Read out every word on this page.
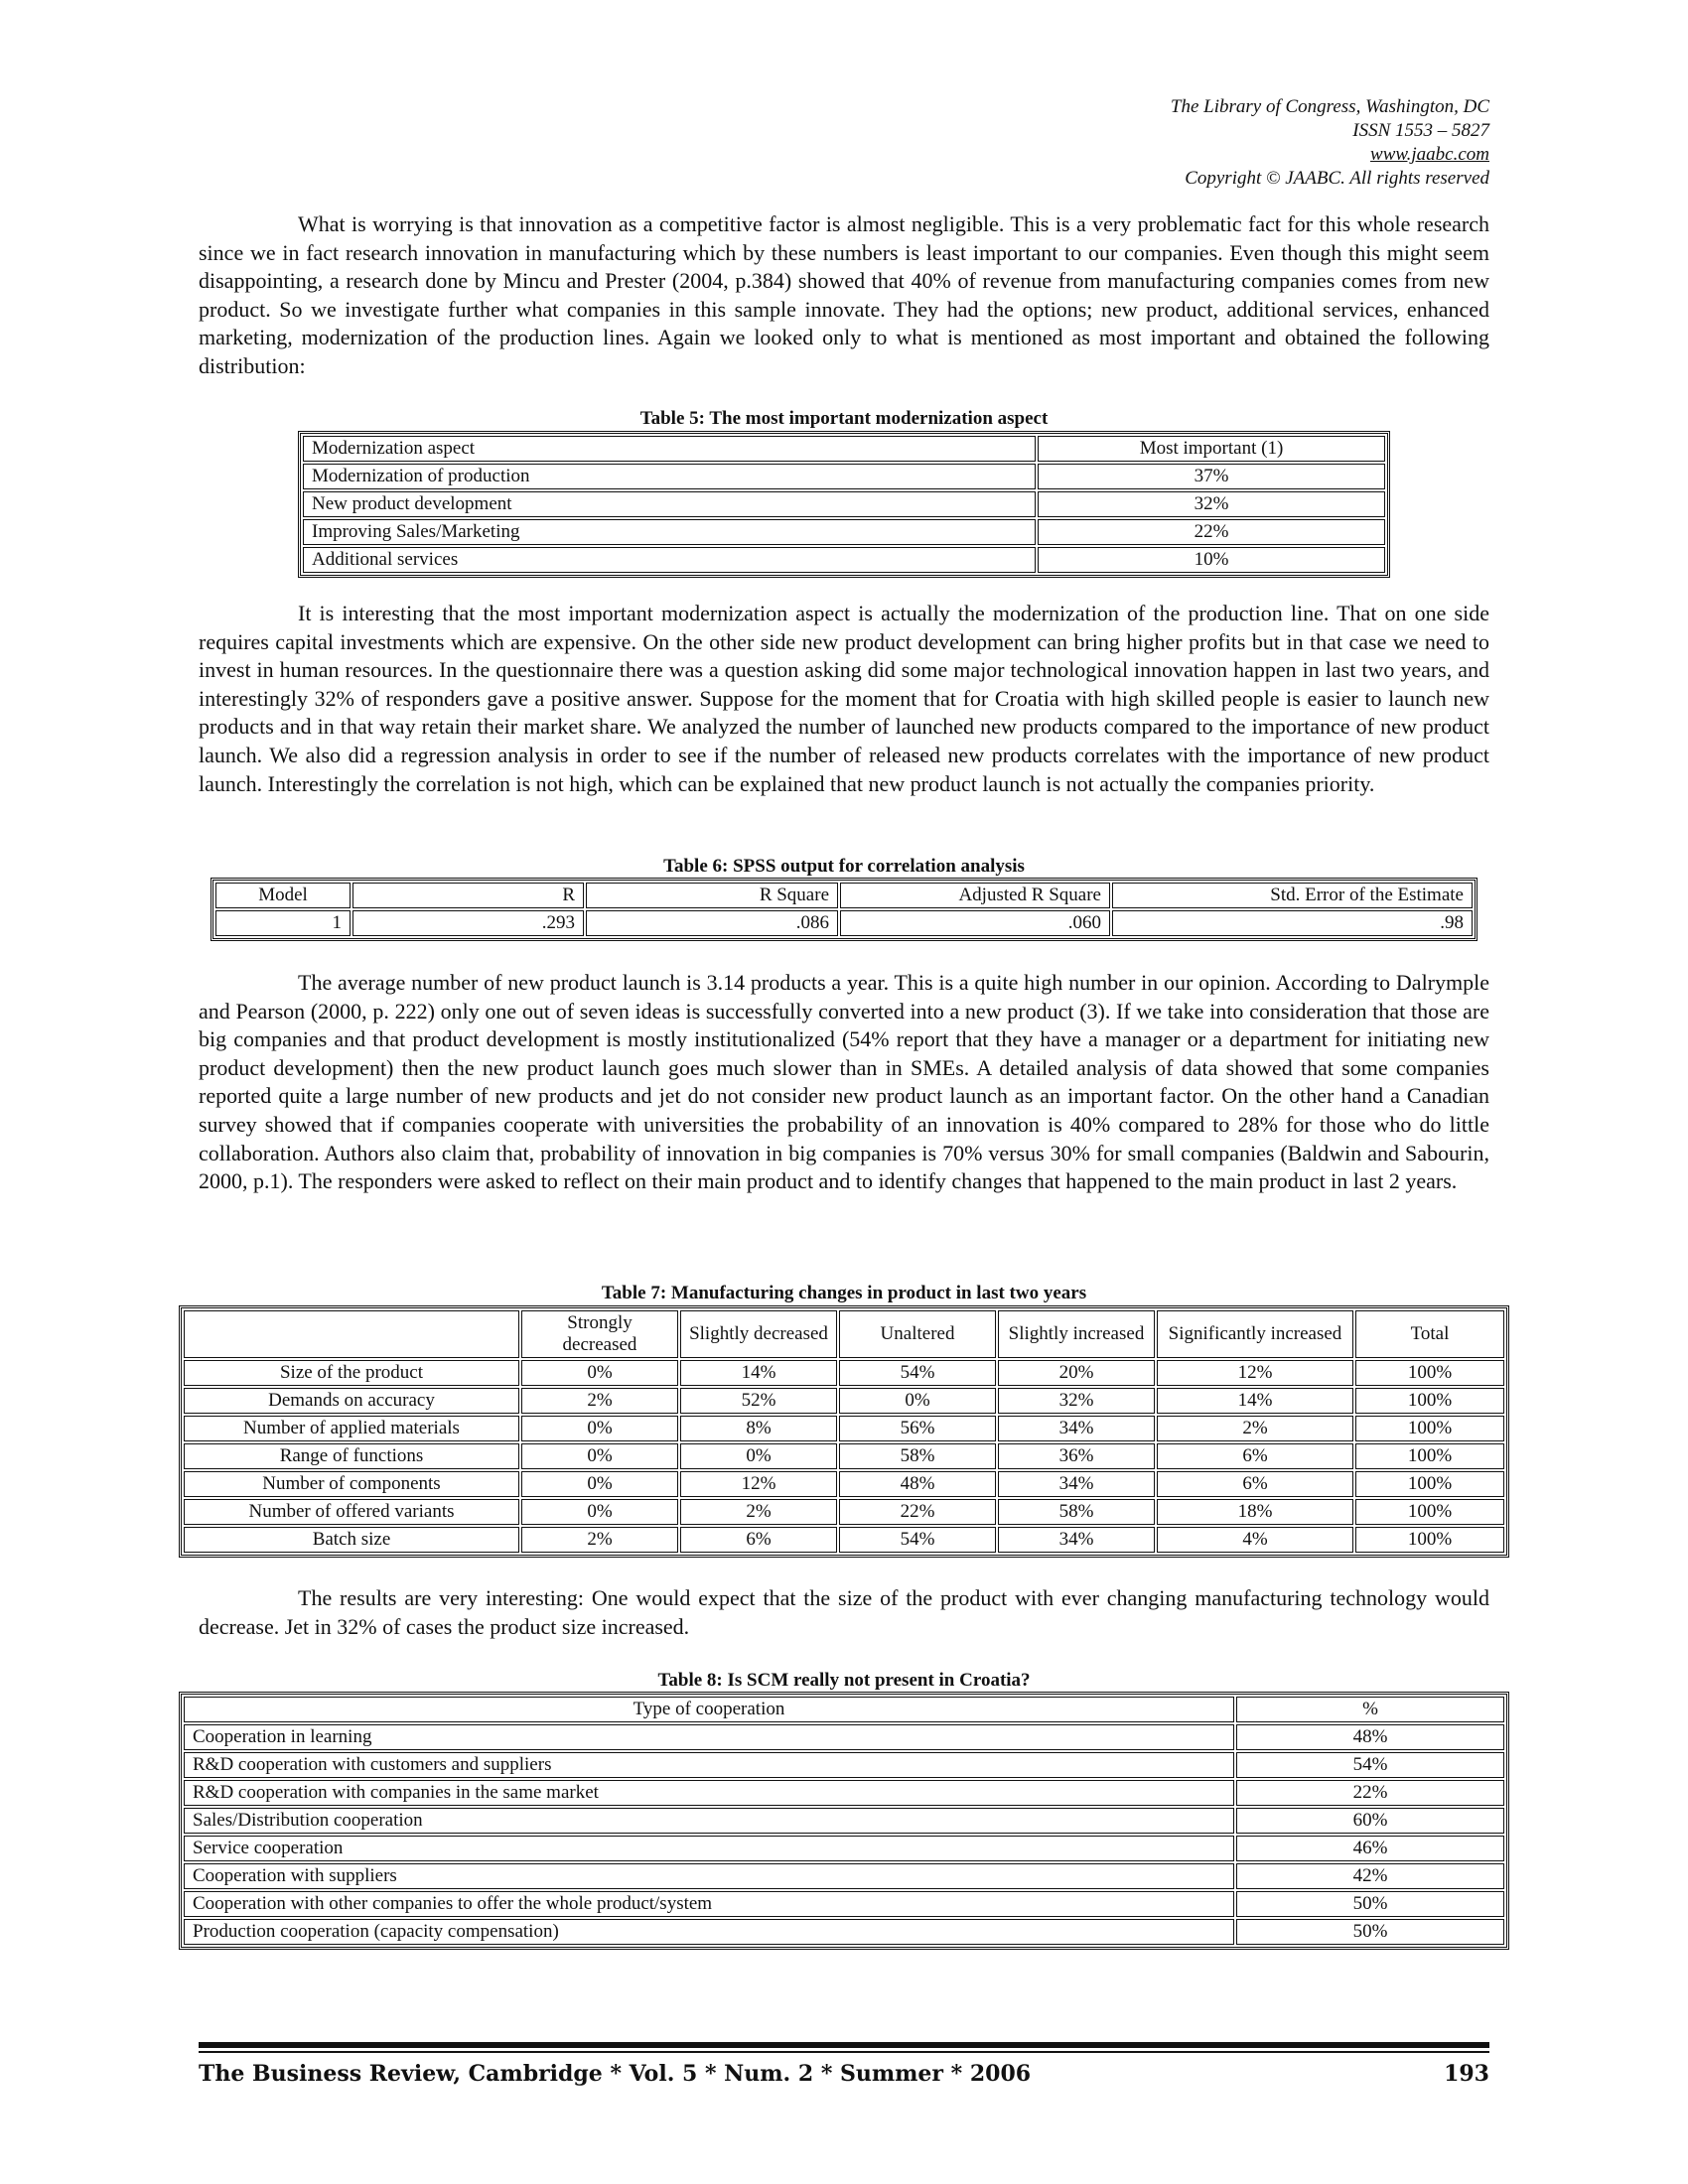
The Library of Congress, Washington, DC
ISSN 1553 – 5827
www.jaabc.com
Copyright © JAABC. All rights reserved

What is worrying is that innovation as a competitive factor is almost negligible. This is a very problematic fact for this whole research since we in fact research innovation in manufacturing which by these numbers is least important to our companies. Even though this might seem disappointing, a research done by Mincu and Prester (2004, p.384) showed that 40% of revenue from manufacturing companies comes from new product. So we investigate further what companies in this sample innovate. They had the options; new product, additional services, enhanced marketing, modernization of the production lines. Again we looked only to what is mentioned as most important and obtained the following distribution:

Table 5: The most important modernization aspect
Modernization aspect	Most important (1)
Modernization of production	37%
New product development	32%
Improving Sales/Marketing	22%
Additional services	10%

It is interesting that the most important modernization aspect is actually the modernization of the production line. That on one side requires capital investments which are expensive. On the other side new product development can bring higher profits but in that case we need to invest in human resources. In the questionnaire there was a question asking did some major technological innovation happen in last two years, and interestingly 32% of responders gave a positive answer. Suppose for the moment that for Croatia with high skilled people is easier to launch new products and in that way retain their market share. We analyzed the number of launched new products compared to the importance of new product launch. We also did a regression analysis in order to see if the number of released new products correlates with the importance of new product launch. Interestingly the correlation is not high, which can be explained that new product launch is not actually the companies priority.

Table 6: SPSS output for correlation analysis
Model	R	R Square	Adjusted R Square	Std. Error of the Estimate
1	.293	.086	.060	.98

The average number of new product launch is 3.14 products a year. This is a quite high number in our opinion. According to Dalrymple and Pearson (2000, p. 222) only one out of seven ideas is successfully converted into a new product (3). If we take into consideration that those are big companies and that product development is mostly institutionalized (54% report that they have a manager or a department for initiating new product development) then the new product launch goes much slower than in SMEs. A detailed analysis of data showed that some companies reported quite a large number of new products and jet do not consider new product launch as an important factor. On the other hand a Canadian survey showed that if companies cooperate with universities the probability of an innovation is 40% compared to 28% for those who do little collaboration. Authors also claim that, probability of innovation in big companies is 70% versus 30% for small companies (Baldwin and Sabourin, 2000, p.1). The responders were asked to reflect on their main product and to identify changes that happened to the main product in last 2 years.

Table 7: Manufacturing changes in product in last two years
	Strongly decreased	Slightly decreased	Unaltered	Slightly increased	Significantly increased	Total
Size of the product	0%	14%	54%	20%	12%	100%
Demands on accuracy	2%	52%	0%	32%	14%	100%
Number of applied materials	0%	8%	56%	34%	2%	100%
Range of functions	0%	0%	58%	36%	6%	100%
Number of components	0%	12%	48%	34%	6%	100%
Number of offered variants	0%	2%	22%	58%	18%	100%
Batch size	2%	6%	54%	34%	4%	100%

The results are very interesting: One would expect that the size of the product with ever changing manufacturing technology would decrease. Jet in 32% of cases the product size increased.

Table 8: Is SCM really not present in Croatia?
Type of cooperation	%
Cooperation in learning	48%
R&D cooperation with customers and suppliers	54%
R&D cooperation with companies in the same market	22%
Sales/Distribution cooperation	60%
Service cooperation	46%
Cooperation with suppliers	42%
Cooperation with other companies to offer the whole product/system	50%
Production cooperation (capacity compensation)	50%
The Business Review, Cambridge * Vol. 5 * Num. 2 * Summer * 2006	193
